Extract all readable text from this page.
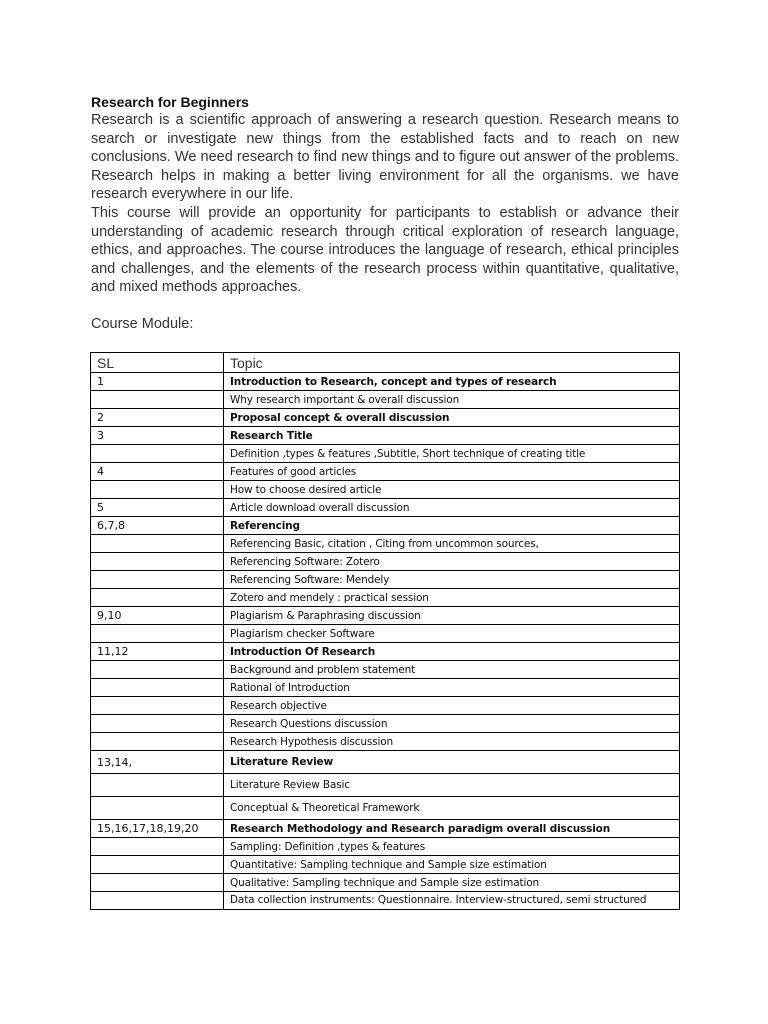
Research for Beginners

Research is a scientific approach of answering a research question. Research means to search or investigate new things from the established facts and to reach on new conclusions. We need research to find new things and to figure out answer of the problems. Research helps in making a better living environment for all the organisms. we have research everywhere in our life.

This course will provide an opportunity for participants to establish or advance their understanding of academic research through critical exploration of research language, ethics, and approaches. The course introduces the language of research, ethical principles and challenges, and the elements of the research process within quantitative, qualitative, and mixed methods approaches.

Course Module:

SL	Topic
1	Introduction to Research, concept and types of research
	Why research important & overall discussion
2	Proposal concept & overall discussion
3	Research Title
	Definition ,types & features ,Subtitle, Short technique of creating title
4	Features of good articles
	How to choose desired article
5	Article download overall discussion
6,7,8	Referencing
	Referencing Basic, citation , Citing from uncommon sources,
	Referencing Software: Zotero
	Referencing Software: Mendely
	Zotero and mendely : practical session
9,10	Plagiarism & Paraphrasing discussion
	Plagiarism checker Software
11,12	Introduction Of Research
	Background and problem statement
	Rational of Introduction
	Research objective
	Research Questions discussion
	Research Hypothesis discussion
13,14,	Literature Review
	Literature Review Basic
	Conceptual & Theoretical Framework
15,16,17,18,19,20	Research Methodology and Research paradigm overall discussion
	Sampling: Definition ,types & features
	Quantitative: Sampling technique and Sample size estimation
	Qualitative: Sampling technique and Sample size estimation
	Data collection instruments: Questionnaire. Interview-structured, semi structured
